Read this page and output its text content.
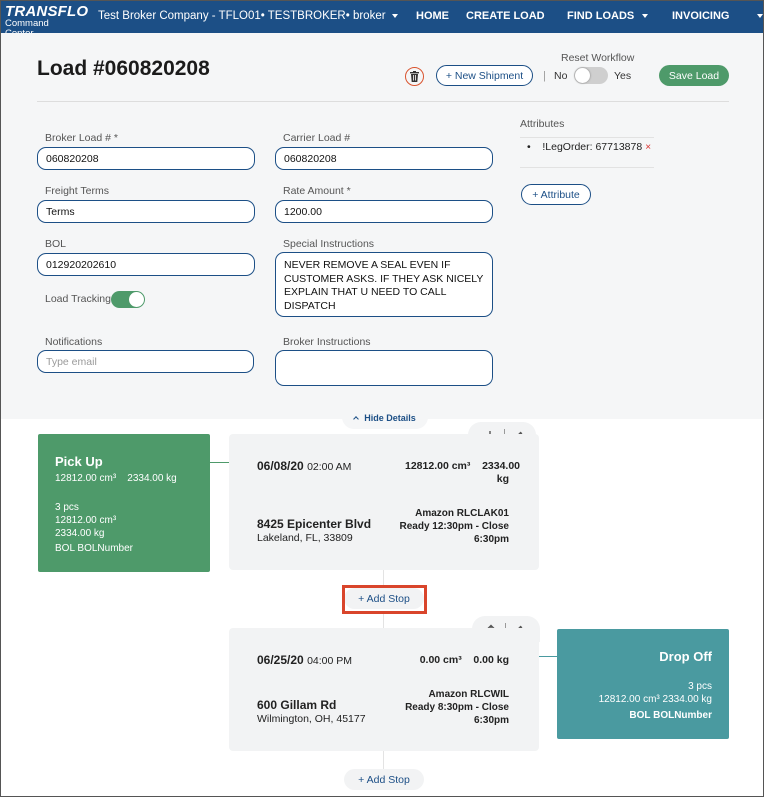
TRANSFLO
Command
Test Broker Company - TFLO01• TESTBROKER• broker	HOME CREATE LOAD FIND LOADS	INVOICING
Load #060820208	+ New Shipment	|
Reset Workflow
No	Yes	Save Load
Broker Load # *
060820208
Carrier Load #
060820208
Freight Terms
Terms
Rate Amount *
1200.00
BOL
012920202610
Special Instructions
NEVER REMOVE A SEAL EVEN IF
CUSTOMER ASKS. IF THEY ASK NICELY
EXPLAIN THAT U NEED TO CALL DISPATCH
Load Tracking
Notifications
Type email
Broker Instructions
Attributes
•    !LegOrder: 67713878 ×
+ Attribute
Hide Details
Pick Up
12812.00 cm³    2334.00 kg
3 pcs
12812.00 cm³
2334.00 kg
BOL BOLNumber
06/08/20 02:00 AM	12812.00 cm³ 2334.00
kg
8425 Epicenter Blvd
Lakeland, FL, 33809
Amazon RLCLAK01
Ready 12:30pm - Close
6:30pm
+ Add Stop
06/25/20 04:00 PM	0.00 cm³ 0.00 kg
600 Gillam Rd
Wilmington, OH, 45177
Amazon RLCWIL
Ready 8:30pm - Close
6:30pm
Drop Off
3 pcs
12812.00 cm³ 2334.00 kg
BOL BOLNumber
+ Add Stop
